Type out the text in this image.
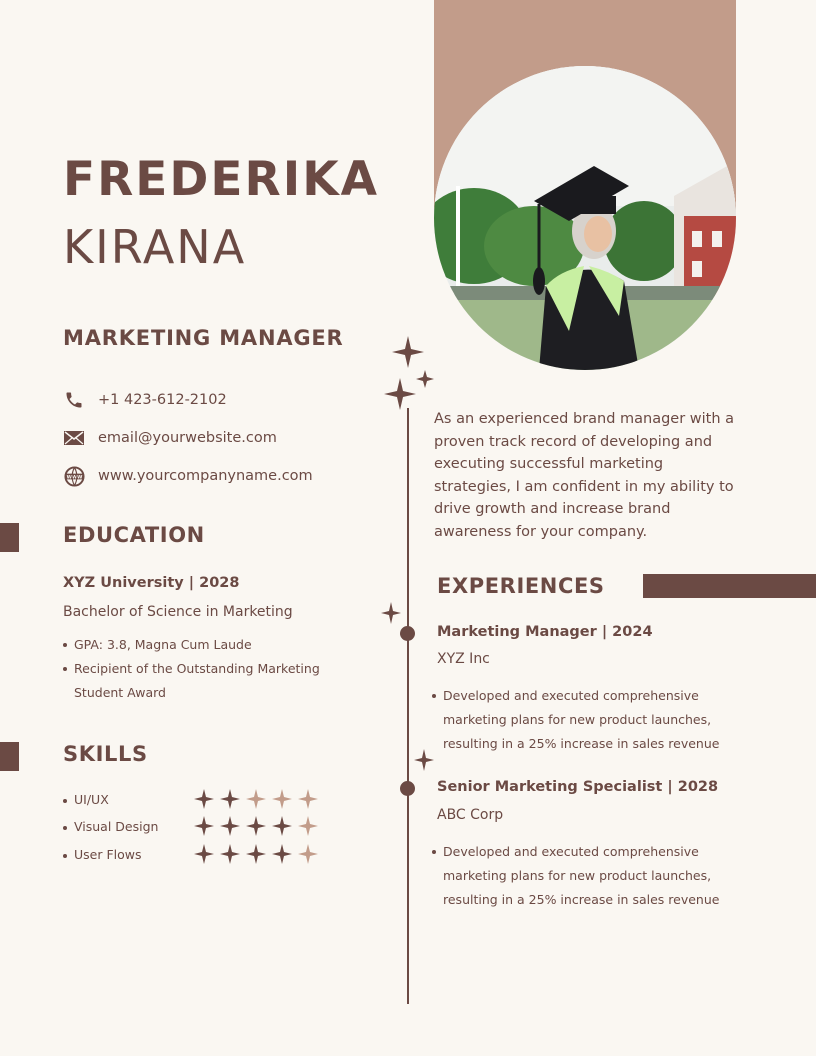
FREDERIKA
KIRANA
MARKETING MANAGER
+1 423-612-2102
email@yourwebsite.com
WWW www.yourcompanyname.com
EDUCATION
XYZ University | 2028
Bachelor of Science in Marketing
GPA: 3.8, Magna Cum Laude
Recipient of the Outstanding Marketing Student Award
SKILLS
UI/UX
Visual Design
User Flows
As an experienced brand manager with a proven track record of developing and executing successful marketing strategies, I am confident in my ability to drive growth and increase brand awareness for your company.
EXPERIENCES
Marketing Manager | 2024
XYZ Inc
Developed and executed comprehensive marketing plans for new product launches, resulting in a 25% increase in sales revenue
Senior Marketing Specialist | 2028
ABC Corp
Developed and executed comprehensive marketing plans for new product launches, resulting in a 25% increase in sales revenue
